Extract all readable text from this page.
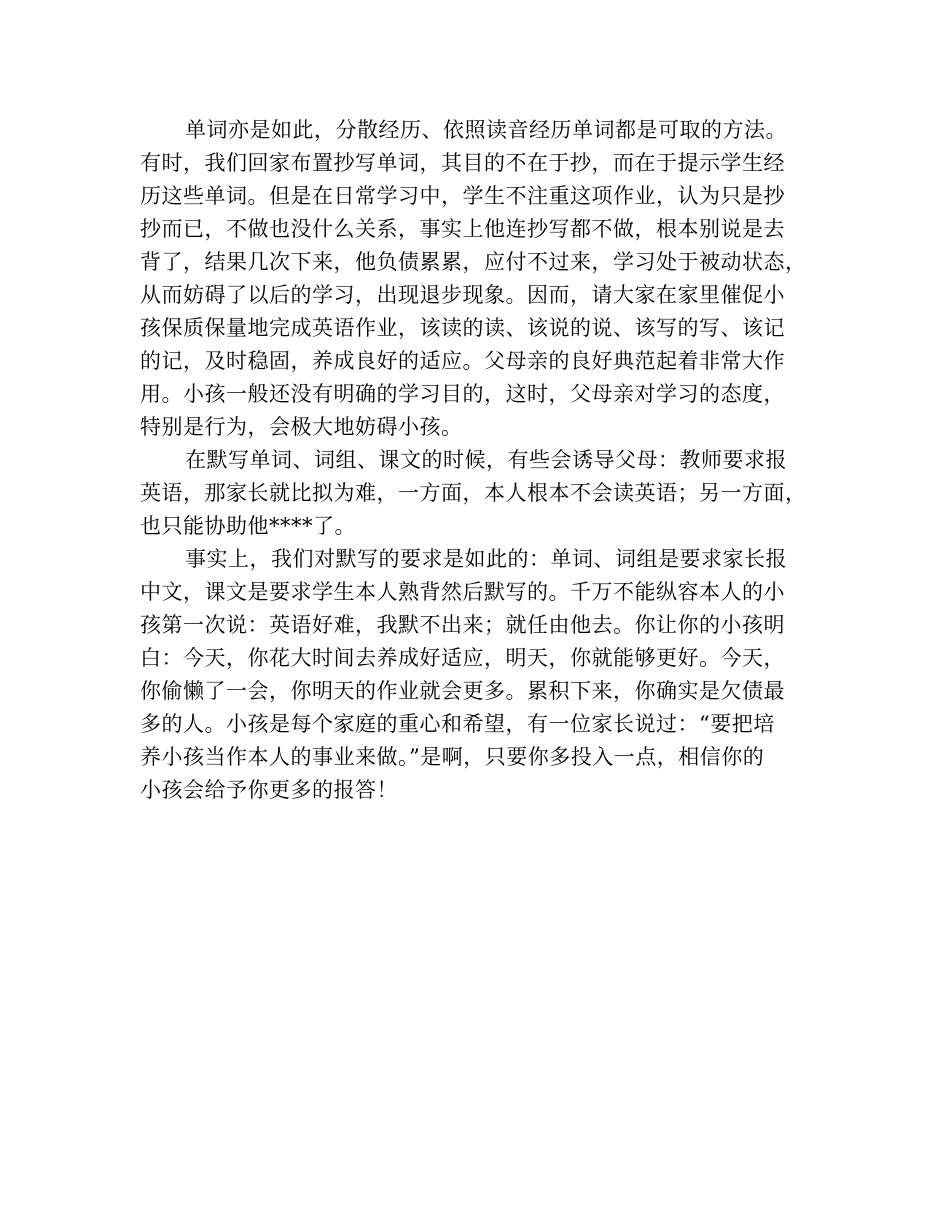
单词亦是如此，分散经历、依照读音经历单词都是可取的方法。
有时，我们回家布置抄写单词，其目的不在于抄，而在于提示学生经
历这些单词。但是在日常学习中，学生不注重这项作业，认为只是抄
抄而已，不做也没什么关系，事实上他连抄写都不做，根本别说是去
背了，结果几次下来，他负债累累，应付不过来，学习处于被动状态，
从而妨碍了以后的学习，出现退步现象。因而，请大家在家里催促小
孩保质保量地完成英语作业，该读的读、该说的说、该写的写、该记
的记，及时稳固，养成良好的适应。父母亲的良好典范起着非常大作
用。小孩一般还没有明确的学习目的，这时，父母亲对学习的态度，
特别是行为，会极大地妨碍小孩。
在默写单词、词组、课文的时候，有些会诱导父母：教师要求报
英语，那家长就比拟为难，一方面，本人根本不会读英语；另一方面，
也只能协助他****了。
事实上，我们对默写的要求是如此的：单词、词组是要求家长报
中文，课文是要求学生本人熟背然后默写的。千万不能纵容本人的小
孩第一次说：英语好难，我默不出来；就任由他去。你让你的小孩明
白：今天，你花大时间去养成好适应，明天，你就能够更好。今天，
你偷懒了一会，你明天的作业就会更多。累积下来，你确实是欠债最
多的人。小孩是每个家庭的重心和希望，有一位家长说过：“要把培
养小孩当作本人的事业来做。”是啊，只要你多投入一点，相信你的
小孩会给予你更多的报答！
